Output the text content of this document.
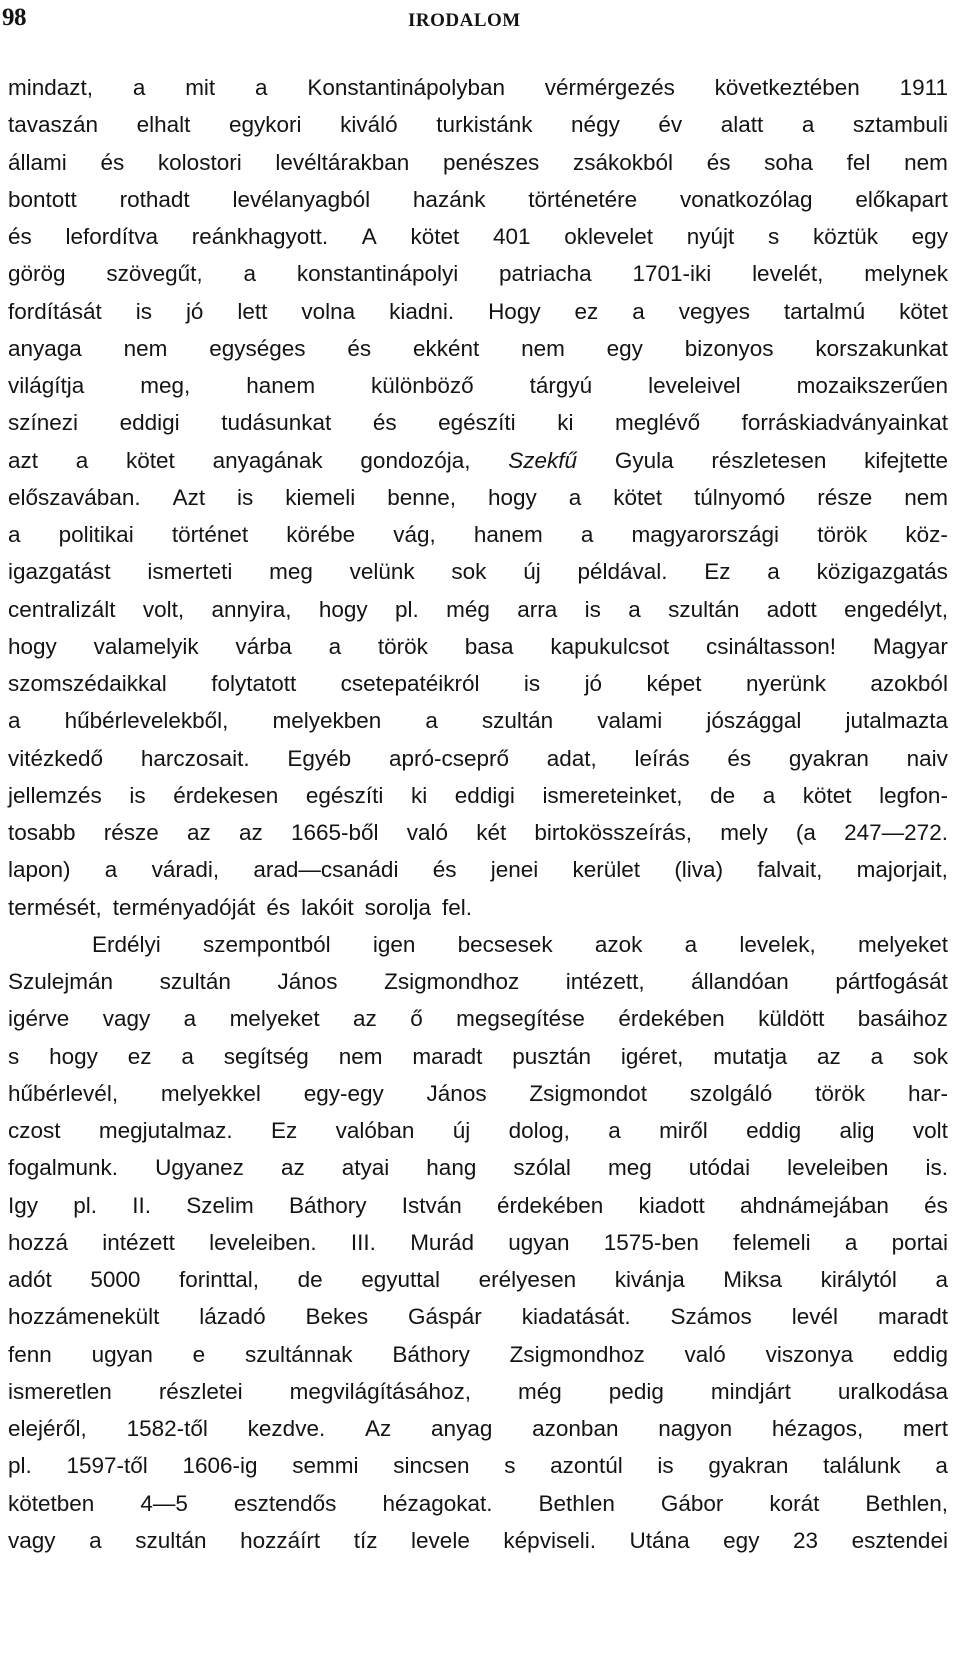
98	IRODALOM
mindazt, a mit a Konstantinápolyban vérmérgezés következtében 1911
tavaszán elhalt egykori kiváló turkistánk négy év alatt a sztambuli
állami és kolostori levéltárakban penészes zsákokból és soha fel nem
bontott rothadt levélanyagból hazánk történetére vonatkozólag előkapart
és lefordítva reánkhagyott. A kötet 401 oklevelet nyújt s köztük egy
görög szövegűt, a konstantinápolyi patriacha 1701-iki levelét, melynek
fordítását is jó lett volna kiadni. Hogy ez a vegyes tartalmú kötet
anyaga nem egységes és ekként nem egy bizonyos korszakunkat
világítja meg, hanem különböző tárgyú leveleivel mozaikszerűen
színezi eddigi tudásunkat és egészíti ki meglévő forráskiadványainkat
azt a kötet anyagának gondozója, Szekfű Gyula részletesen kifejtette
előszavában. Azt is kiemeli benne, hogy a kötet túlnyomó része nem
a politikai történet körébe vág, hanem a magyarországi török köz-
igazgatást ismerteti meg velünk sok új példával. Ez a közigazgatás
centralizált volt, annyira, hogy pl. még arra is a szultán adott engedélyt,
hogy valamelyik várba a török basa kapukulcsot csináltasson! Magyar
szomszédaikkal folytatott csetepatéikról is jó képet nyerünk azokból
a hűbérlevelekből, melyekben a szultán valami jószággal jutalmazta
vitézkedő harczosait. Egyéb apró-cseprő adat, leírás és gyakran naiv
jellemzés is érdekesen egészíti ki eddigi ismereteinket, de a kötet legfon-
tosabb része az az 1665-ből való két birtokösszeírás, mely (a 247—272.
lapon) a váradi, arad—csanádi és jenei kerület (liva) falvait, majorjait,
termését, terményadóját és lakóit sorolja fel.
Erdélyi szempontból igen becsesek azok a levelek, melyeket
Szulejmán szultán János Zsigmondhoz intézett, állandóan pártfogását
igérve vagy a melyeket az ő megsegítése érdekében küldött basáihoz
s hogy ez a segítség nem maradt pusztán igéret, mutatja az a sok
hűbérlevél, melyekkel egy-egy János Zsigmondot szolgáló török har-
czost megjutalmaz. Ez valóban új dolog, a miről eddig alig volt
fogalmunk. Ugyanez az atyai hang szólal meg utódai leveleiben is.
Igy pl. II. Szelim Báthory István érdekében kiadott ahdnámejában és
hozzá intézett leveleiben. III. Murád ugyan 1575-ben felemeli a portai
adót 5000 forinttal, de egyuttal erélyesen kivánja Miksa királytól a
hozzámenekült lázadó Bekes Gáspár kiadatását. Számos levél maradt
fenn ugyan e szultánnak Báthory Zsigmondhoz való viszonya eddig
ismeretlen részletei megvilágításához, még pedig mindjárt uralkodása
elejéről, 1582-től kezdve. Az anyag azonban nagyon hézagos, mert
pl. 1597-től 1606-ig semmi sincsen s azontúl is gyakran találunk a
kötetben 4—5 esztendős hézagokat. Bethlen Gábor korát Bethlen,
vagy a szultán hozzáírt tíz levele képviseli. Utána egy 23 esztendei
